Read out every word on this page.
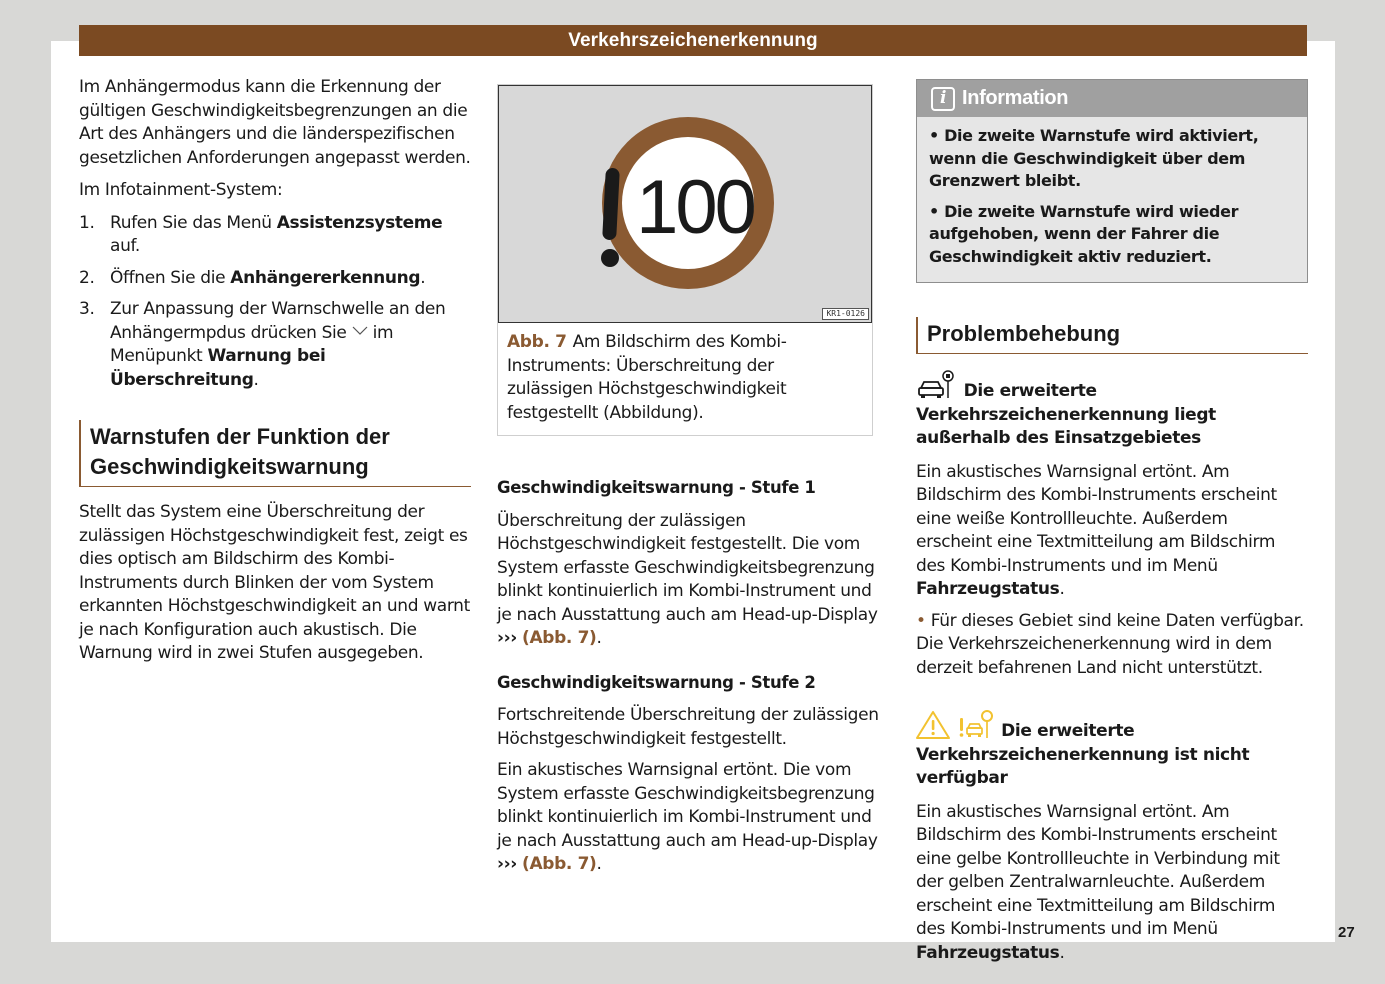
Verkehrszeichenerkennung

Im Anhängermodus kann die Erkennung der gültigen Geschwindigkeitsbegrenzungen an die Art des Anhängers und die länderspezifischen gesetzlichen Anforderungen angepasst werden.

Im Infotainment-System:

1. Rufen Sie das Menü Assistenzsysteme auf.
2. Öffnen Sie die Anhängererkennung.
3. Zur Anpassung der Warnschwelle an den Anhängermpdus drücken Sie  im Menüpunkt Warnung bei Überschreitung.
Warnstufen der Funktion der Geschwindigkeitswarnung

Stellt das System eine Überschreitung der zulässigen Höchstgeschwindigkeit fest, zeigt es dies optisch am Bildschirm des Kombi-Instruments durch Blinken der vom System erkannten Höchstgeschwindigkeit an und warnt je nach Konfiguration auch akustisch. Die Warnung wird in zwei Stufen ausgegeben.

100
KR1-0126
Abb. 7 Am Bildschirm des Kombi-Instruments: Überschreitung der zulässigen Höchstgeschwindigkeit festgestellt (Abbildung).
Geschwindigkeitswarnung - Stufe 1

Überschreitung der zulässigen Höchstgeschwindigkeit festgestellt. Die vom System erfasste Geschwindigkeitsbegrenzung blinkt kontinuierlich im Kombi-Instrument und je nach Ausstattung auch am Head-up-Display ››› (Abb. 7).

Geschwindigkeitswarnung - Stufe 2

Fortschreitende Überschreitung der zulässigen Höchstgeschwindigkeit festgestellt.

Ein akustisches Warnsignal ertönt. Die vom System erfasste Geschwindigkeitsbegrenzung blinkt kontinuierlich im Kombi-Instrument und je nach Ausstattung auch am Head-up-Display ››› (Abb. 7).

i Information

• Die zweite Warnstufe wird aktiviert, wenn die Geschwindigkeit über dem Grenzwert bleibt.

• Die zweite Warnstufe wird wieder aufgehoben, wenn der Fahrer die Geschwindigkeit aktiv reduziert.

Problembehebung
Die erweiterte Verkehrszeichenerkennung liegt außerhalb des Einsatzgebietes

Ein akustisches Warnsignal ertönt. Am Bildschirm des Kombi-Instruments erscheint eine weiße Kontrollleuchte. Außerdem erscheint eine Textmitteilung am Bildschirm des Kombi-Instruments und im Menü Fahrzeugstatus.

• Für dieses Gebiet sind keine Daten verfügbar. Die Verkehrszeichenerkennung wird in dem derzeit befahrenen Land nicht unterstützt.

Die erweiterte Verkehrszeichenerkennung ist nicht verfügbar

Ein akustisches Warnsignal ertönt. Am Bildschirm des Kombi-Instruments erscheint eine gelbe Kontrollleuchte in Verbindung mit der gelben Zentralwarnleuchte. Außerdem erscheint eine Textmitteilung am Bildschirm des Kombi-Instruments und im Menü Fahrzeugstatus.

27
